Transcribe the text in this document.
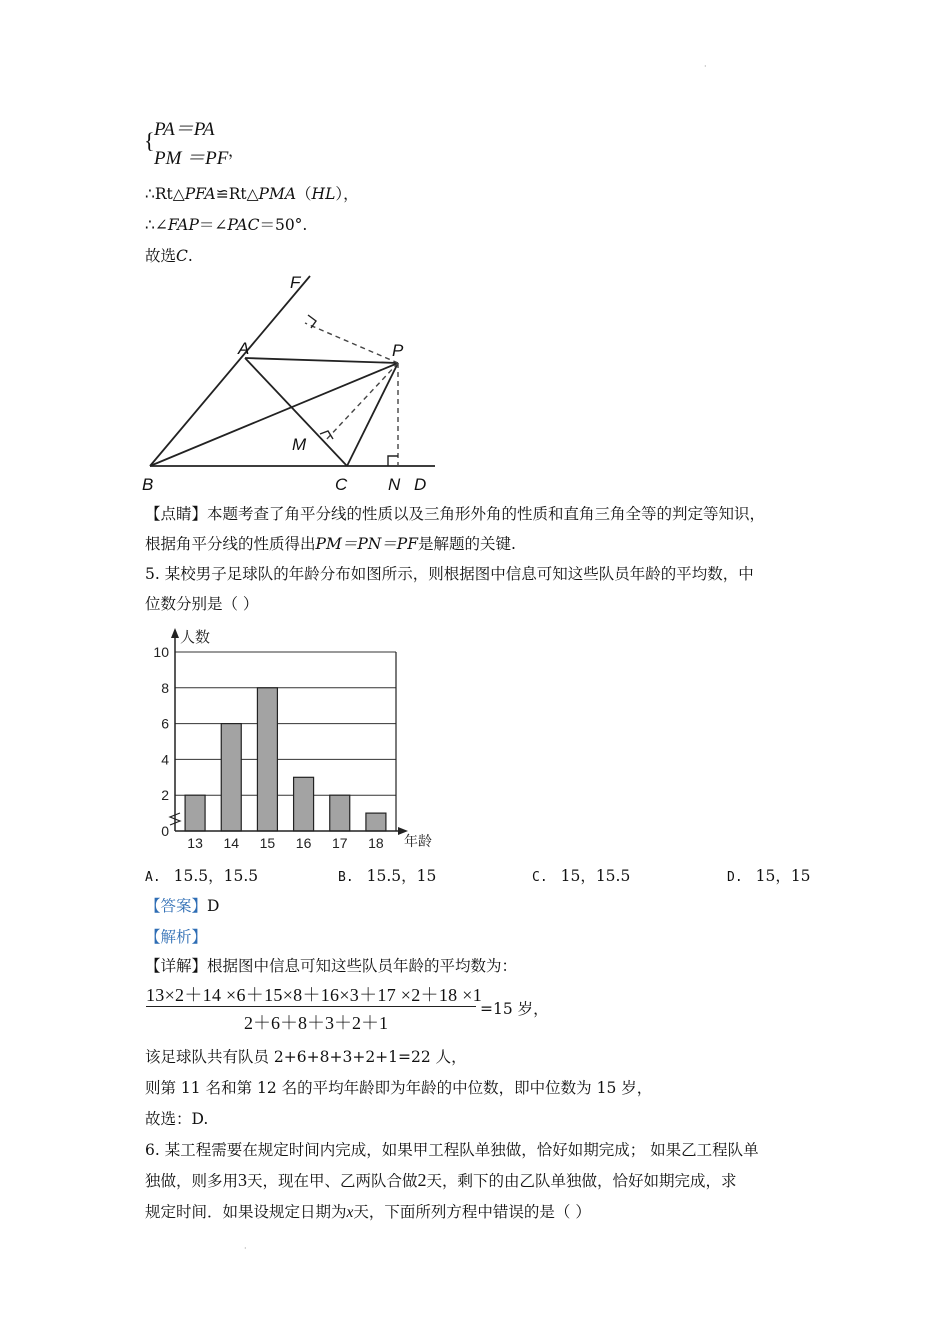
·
·
{ PA＝PA
PM ＝PF ，
∴Rt△PFA≌Rt△PMA（HL），
∴∠FAP＝∠PAC＝50°.
故选C.
F
A	P
M
B	C N D
【点睛】本题考查了角平分线的性质以及三角形外角的性质和直角三角全等的判定等知识，
根据角平分线的性质得出PM＝PN＝PF是解题的关键.
5. 某校男子足球队的年龄分布如图所示，则根据图中信息可知这些队员年龄的平均数，中
位数分别是（ ）
0
2
4
6
8
10
13 14 15 16 17 18
人数
年龄
A. 15.5，15.5	B. 15.5，15	C. 15，15.5	D. 15，15
【答案】D
【解析】
【详解】根据图中信息可知这些队员年龄的平均数为：
13×2＋14 ×6＋15×8＋16×3＋17 ×2＋18 ×1
2＋6＋8＋3＋2＋1
=15 岁，
该足球队共有队员 2+6+8+3+2+1=22 人，
则第 11 名和第 12 名的平均年龄即为年龄的中位数，即中位数为 15 岁，
故选：D.
6. 某工程需要在规定时间内完成，如果甲工程队单独做，恰好如期完成； 如果乙工程队单
独做，则多用3天，现在甲、乙两队合做2天，剩下的由乙队单独做，恰好如期完成，求
规定时间．如果设规定日期为x天，下面所列方程中错误的是（ ）
